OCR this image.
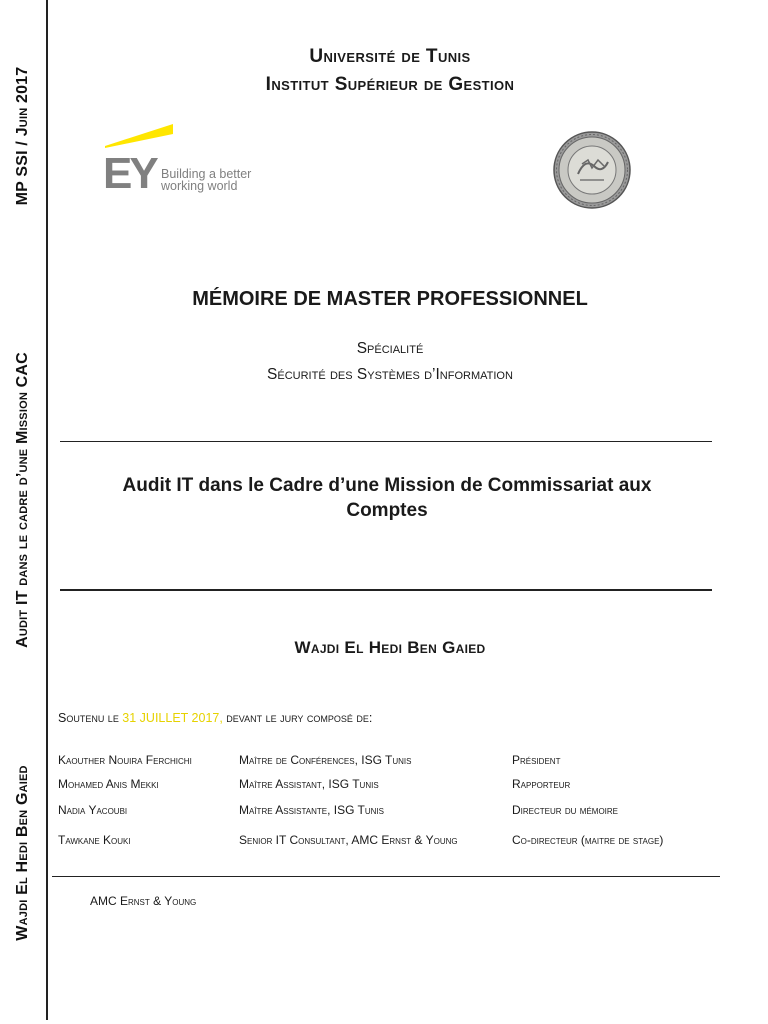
MP SSI / Juin 2017
Audit IT dans le cadre d’une Mission CAC
Wajdi El Hedi Ben Gaied
Université de Tunis
Institut Supérieur de Gestion
EY Building a better
working world
MÉMOIRE DE MASTER PROFESSIONNEL
Spécialité
Sécurité des Systèmes d’Information
Audit IT dans le Cadre d’une Mission de Commissariat aux
Comptes
Wajdi El Hedi Ben Gaied
Soutenu le 31 JUILLET 2017, devant le jury composé de:
Kaouther Nouira Ferchichi	Maître de Conférences, ISG Tunis	Président
Mohamed Anis Mekki	Maître Assistant, ISG Tunis	Rapporteur
Nadia Yacoubi	Maître Assistante, ISG Tunis	Directeur du mémoire
Tawkane Kouki	Senior IT Consultant, AMC Ernst & Young	Co-directeur (maitre de stage)
AMC Ernst & Young
